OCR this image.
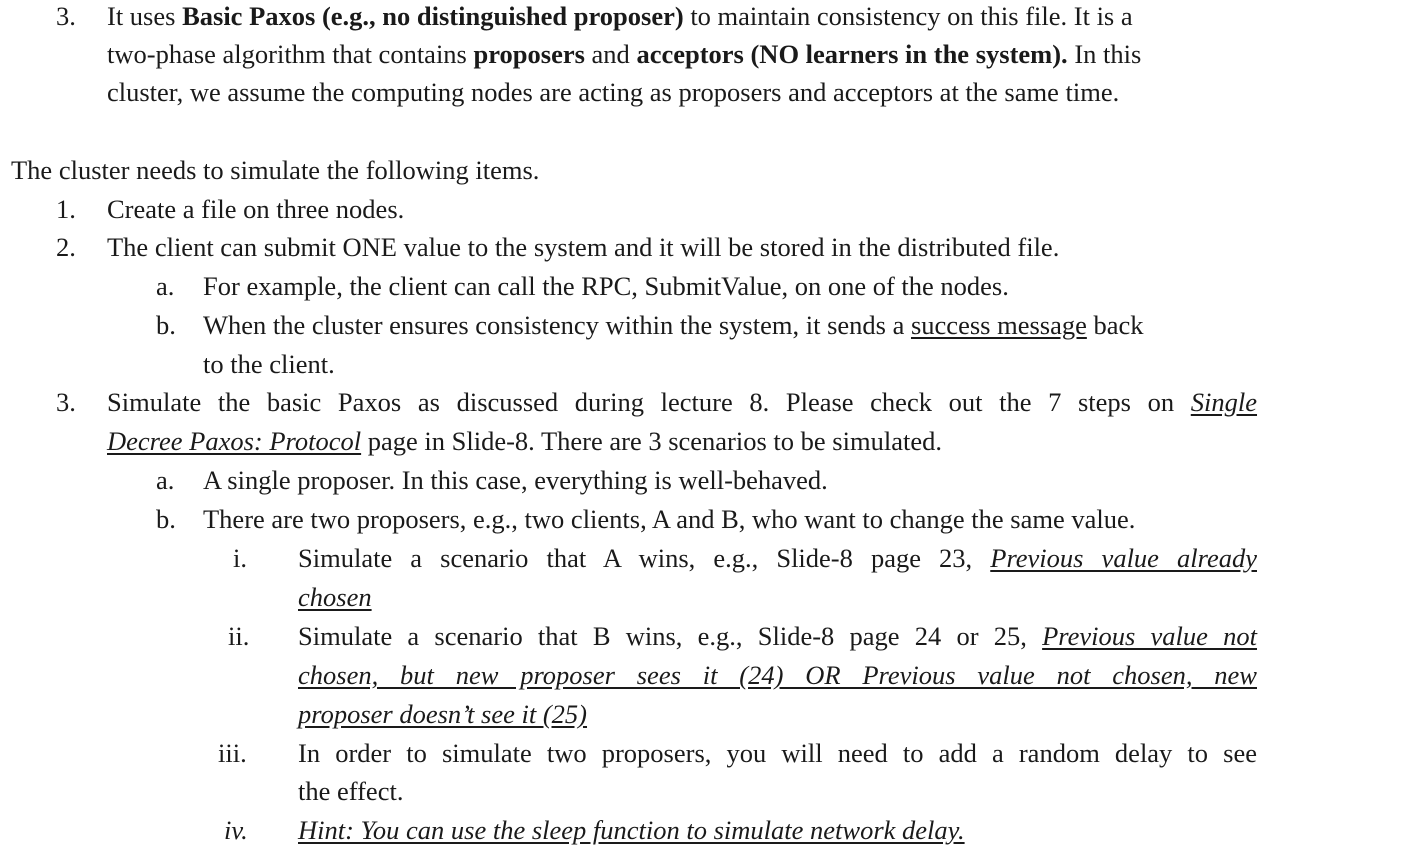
3. It uses Basic Paxos (e.g., no distinguished proposer) to maintain consistency on this file. It is a
two-phase algorithm that contains proposers and acceptors (NO learners in the system). In this
cluster, we assume the computing nodes are acting as proposers and acceptors at the same time.
The cluster needs to simulate the following items.
1. Create a file on three nodes.
2. The client can submit ONE value to the system and it will be stored in the distributed file.
a. For example, the client can call the RPC, SubmitValue, on one of the nodes.
b. When the cluster ensures consistency within the system, it sends a success message back
to the client.
3. Simulate the basic Paxos as discussed during lecture 8. Please check out the 7 steps on Single
Decree Paxos: Protocol page in Slide-8. There are 3 scenarios to be simulated.
a. A single proposer. In this case, everything is well-behaved.
b. There are two proposers, e.g., two clients, A and B, who want to change the same value.
i. Simulate a scenario that A wins, e.g., Slide-8 page 23, Previous value already
chosen
ii. Simulate a scenario that B wins, e.g., Slide-8 page 24 or 25, Previous value not
chosen, but new proposer sees it (24) OR Previous value not chosen, new
proposer doesn’t see it (25)
iii. In order to simulate two proposers, you will need to add a random delay to see
the effect.
iv. Hint: You can use the sleep function to simulate network delay.
